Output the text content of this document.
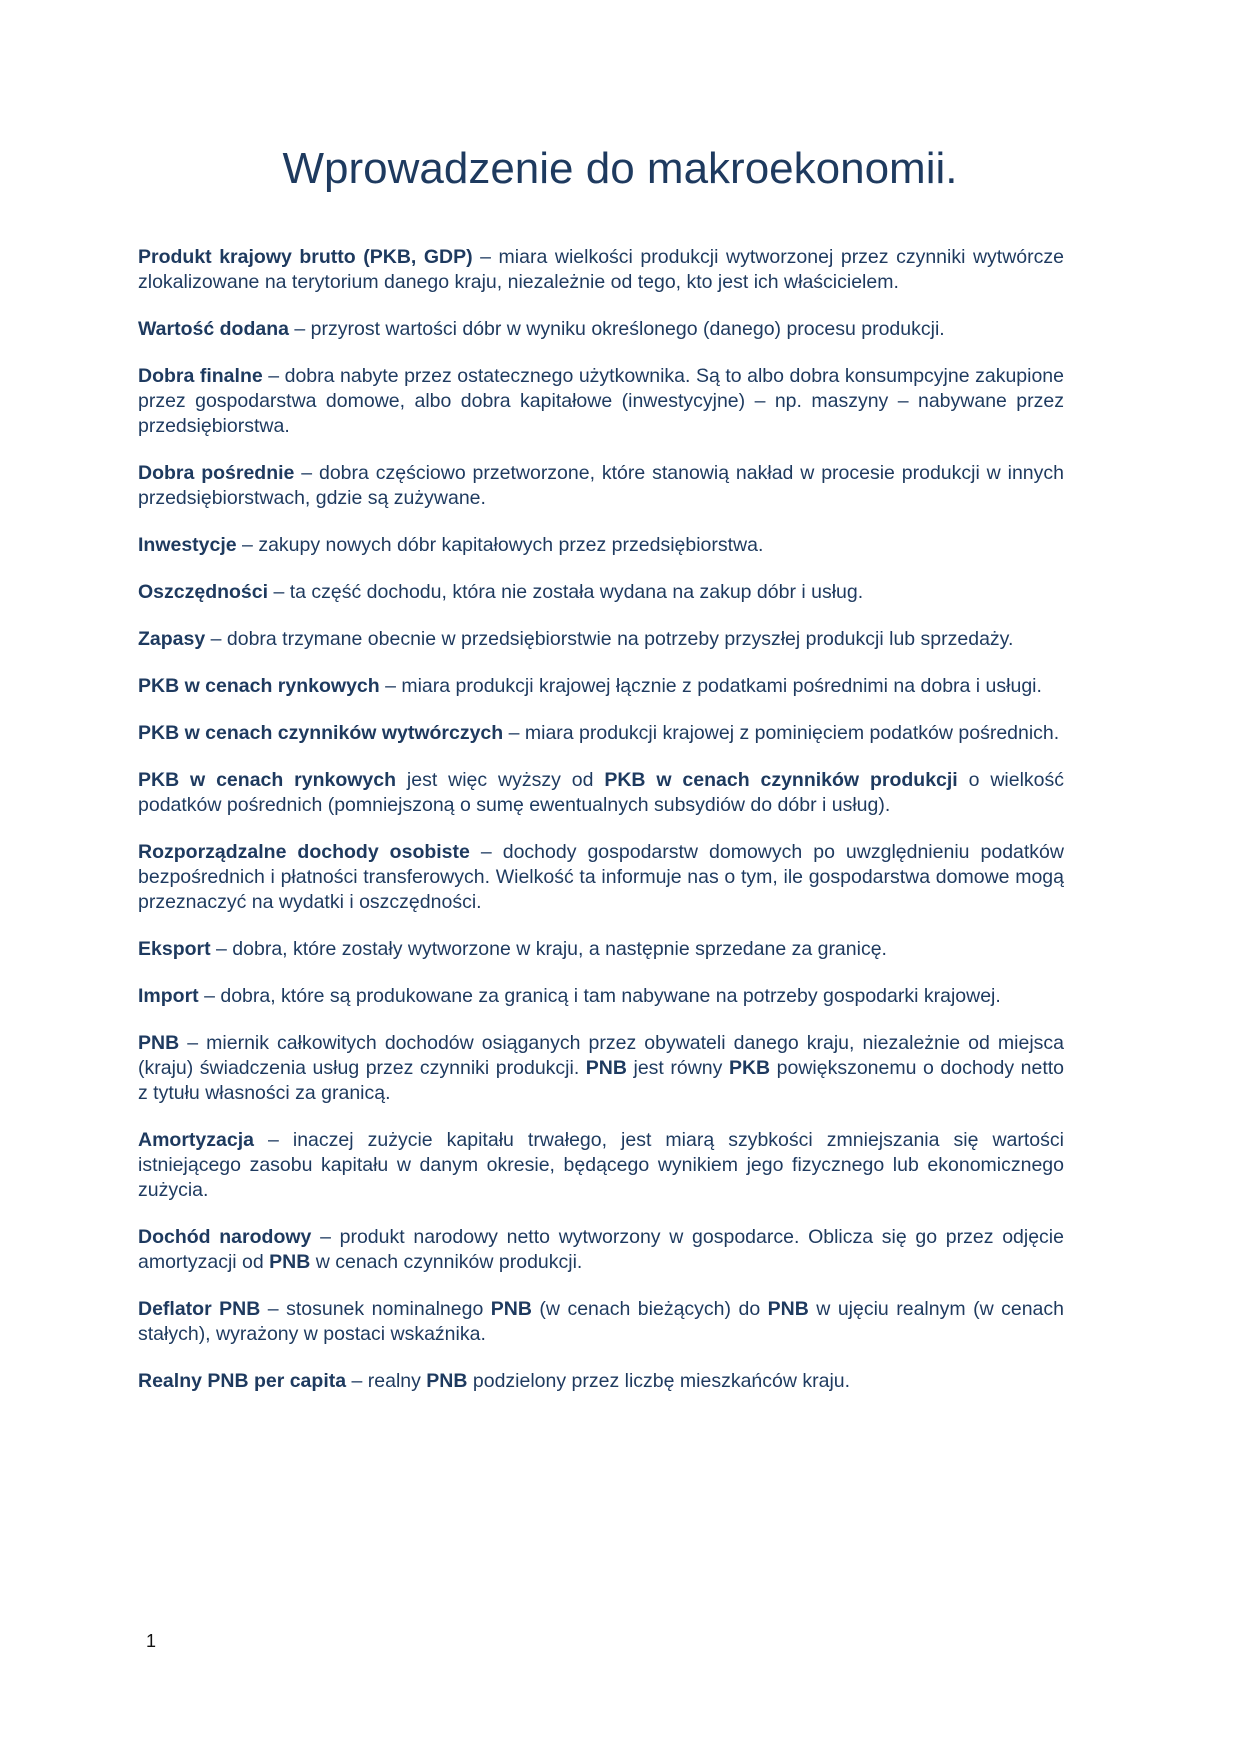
Wprowadzenie do makroekonomii.

Produkt krajowy brutto (PKB, GDP) – miara wielkości produkcji wytworzonej przez czynniki wytwórcze zlokalizowane na terytorium danego kraju, niezależnie od tego, kto jest ich właścicielem.

Wartość dodana – przyrost wartości dóbr w wyniku określonego (danego) procesu produkcji.

Dobra finalne – dobra nabyte przez ostatecznego użytkownika. Są to albo dobra konsumpcyjne zakupione przez gospodarstwa domowe, albo dobra kapitałowe (inwestycyjne) – np. maszyny – nabywane przez przedsiębiorstwa.

Dobra pośrednie – dobra częściowo przetworzone, które stanowią nakład w procesie produkcji w innych przedsiębiorstwach, gdzie są zużywane.

Inwestycje – zakupy nowych dóbr kapitałowych przez przedsiębiorstwa.

Oszczędności – ta część dochodu, która nie została wydana na zakup dóbr i usług.

Zapasy – dobra trzymane obecnie w przedsiębiorstwie na potrzeby przyszłej produkcji lub sprzedaży.

PKB w cenach rynkowych – miara produkcji krajowej łącznie z podatkami pośrednimi na dobra i usługi.

PKB w cenach czynników wytwórczych – miara produkcji krajowej z pominięciem podatków pośrednich.

PKB w cenach rynkowych jest więc wyższy od PKB w cenach czynników produkcji o wielkość podatków pośrednich (pomniejszoną o sumę ewentualnych subsydiów do dóbr i usług).

Rozporządzalne dochody osobiste – dochody gospodarstw domowych po uwzględnieniu podatków bezpośrednich i płatności transferowych. Wielkość ta informuje nas o tym, ile gospodarstwa domowe mogą przeznaczyć na wydatki i oszczędności.

Eksport – dobra, które zostały wytworzone w kraju, a następnie sprzedane za granicę.

Import – dobra, które są produkowane za granicą i tam nabywane na potrzeby gospodarki krajowej.

PNB – miernik całkowitych dochodów osiąganych przez obywateli danego kraju, niezależnie od miejsca (kraju) świadczenia usług przez czynniki produkcji. PNB jest równy PKB powiększonemu o dochody netto z tytułu własności za granicą.

Amortyzacja – inaczej zużycie kapitału trwałego, jest miarą szybkości zmniejszania się wartości istniejącego zasobu kapitału w danym okresie, będącego wynikiem jego fizycznego lub ekonomicznego zużycia.

Dochód narodowy – produkt narodowy netto wytworzony w gospodarce. Oblicza się go przez odjęcie amortyzacji od PNB w cenach czynników produkcji.

Deflator PNB – stosunek nominalnego PNB (w cenach bieżących) do PNB w ujęciu realnym (w cenach stałych), wyrażony w postaci wskaźnika.

Realny PNB per capita – realny PNB podzielony przez liczbę mieszkańców kraju.

1
